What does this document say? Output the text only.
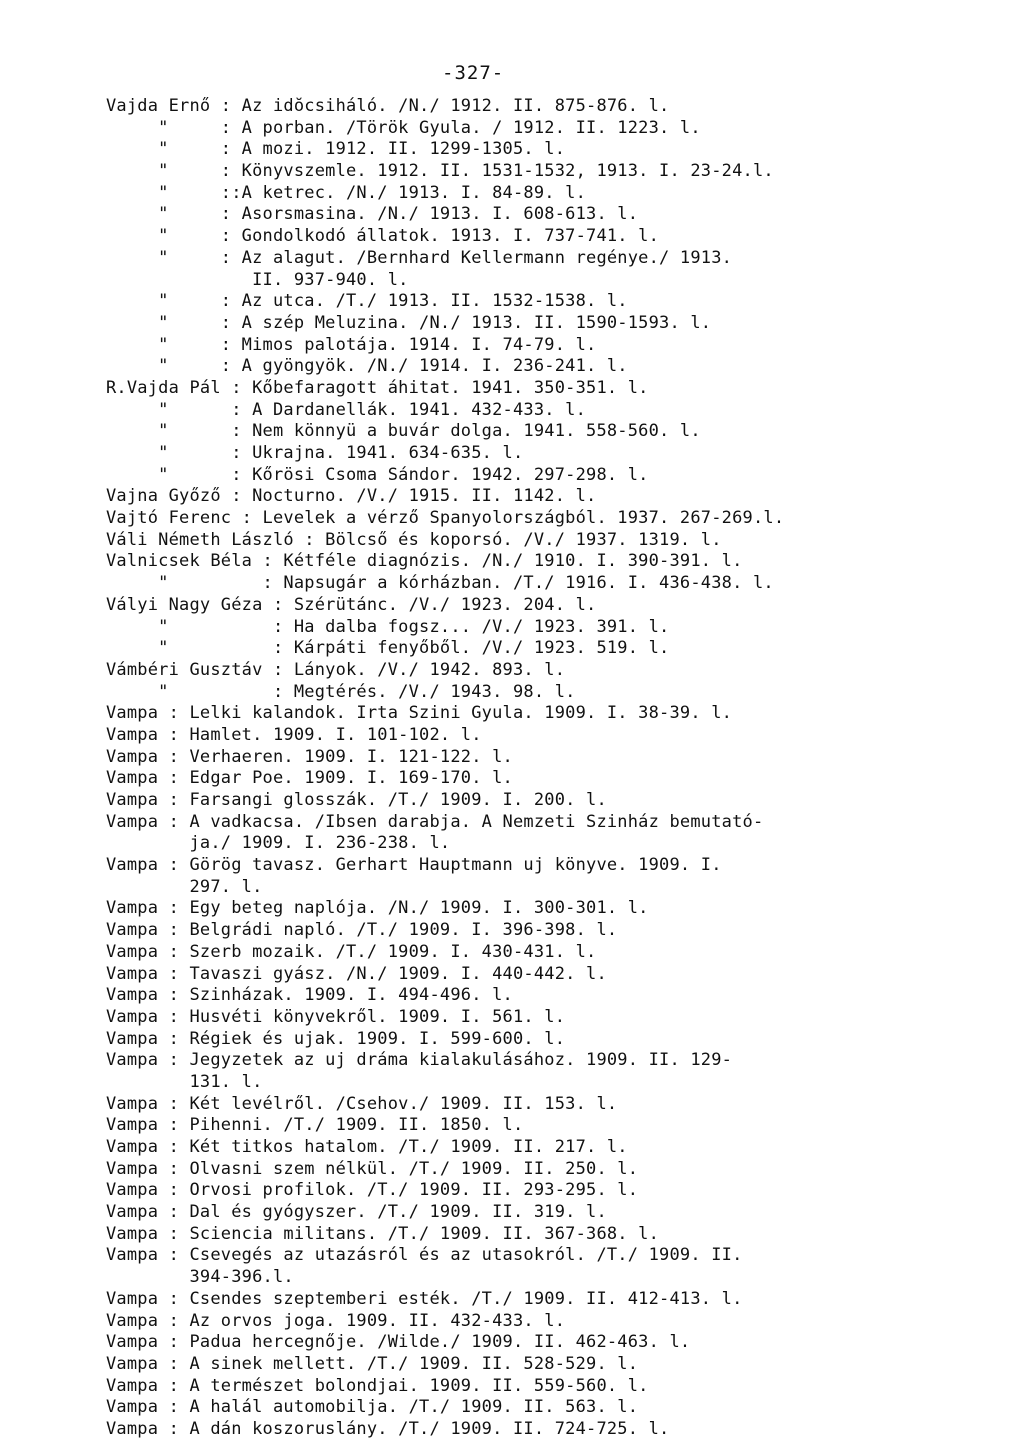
-327-
Vajda Ernő : Az idŏcsiháló. /N./ 1912. II. 875-876. l.
"     : A porban. /Török Gyula. / 1912. II. 1223. l.
"     : A mozi. 1912. II. 1299-1305. l.
"     : Könyvszemle. 1912. II. 1531-1532, 1913. I. 23-24.l.
"     ::A ketrec. /N./ 1913. I. 84-89. l.
"     : Asorsmasina. /N./ 1913. I. 608-613. l.
"     : Gondolkodó állatok. 1913. I. 737-741. l.
"     : Az alagut. /Bernhard Kellermann regénye./ 1913.
II. 937-940. l.
"     : Az utca. /T./ 1913. II. 1532-1538. l.
"     : A szép Meluzina. /N./ 1913. II. 1590-1593. l.
"     : Mimos palotája. 1914. I. 74-79. l.
"     : A gyöngyök. /N./ 1914. I. 236-241. l.
R.Vajda Pál : Kőbefaragott áhitat. 1941. 350-351. l.
"      : A Dardanellák. 1941. 432-433. l.
"      : Nem könnyü a buvár dolga. 1941. 558-560. l.
"      : Ukrajna. 1941. 634-635. l.
"      : Kőrösi Csoma Sándor. 1942. 297-298. l.
Vajna Győző : Nocturno. /V./ 1915. II. 1142. l.
Vajtó Ferenc : Levelek a vérző Spanyolországból. 1937. 267-269.l.
Váli Németh László : Bölcső és koporsó. /V./ 1937. 1319. l.
Valnicsek Béla : Kétféle diagnózis. /N./ 1910. I. 390-391. l.
"         : Napsugár a kórházban. /T./ 1916. I. 436-438. l.
Vályi Nagy Géza : Szérütánc. /V./ 1923. 204. l.
"          : Ha dalba fogsz... /V./ 1923. 391. l.
"          : Kárpáti fenyőből. /V./ 1923. 519. l.
Vámbéri Gusztáv : Lányok. /V./ 1942. 893. l.
"          : Megtérés. /V./ 1943. 98. l.
Vampa : Lelki kalandok. Irta Szini Gyula. 1909. I. 38-39. l.
Vampa : Hamlet. 1909. I. 101-102. l.
Vampa : Verhaeren. 1909. I. 121-122. l.
Vampa : Edgar Poe. 1909. I. 169-170. l.
Vampa : Farsangi glosszák. /T./ 1909. I. 200. l.
Vampa : A vadkacsa. /Ibsen darabja. A Nemzeti Szinház bemutató-
ja./ 1909. I. 236-238. l.
Vampa : Görög tavasz. Gerhart Hauptmann uj könyve. 1909. I.
297. l.
Vampa : Egy beteg naplója. /N./ 1909. I. 300-301. l.
Vampa : Belgrádi napló. /T./ 1909. I. 396-398. l.
Vampa : Szerb mozaik. /T./ 1909. I. 430-431. l.
Vampa : Tavaszi gyász. /N./ 1909. I. 440-442. l.
Vampa : Szinházak. 1909. I. 494-496. l.
Vampa : Husvéti könyvekről. 1909. I. 561. l.
Vampa : Régiek és ujak. 1909. I. 599-600. l.
Vampa : Jegyzetek az uj dráma kialakulásához. 1909. II. 129-
131. l.
Vampa : Két levélről. /Csehov./ 1909. II. 153. l.
Vampa : Pihenni. /T./ 1909. II. 1850. l.
Vampa : Két titkos hatalom. /T./ 1909. II. 217. l.
Vampa : Olvasni szem nélkül. /T./ 1909. II. 250. l.
Vampa : Orvosi profilok. /T./ 1909. II. 293-295. l.
Vampa : Dal és gyógyszer. /T./ 1909. II. 319. l.
Vampa : Sciencia militans. /T./ 1909. II. 367-368. l.
Vampa : Csevegés az utazásról és az utasokról. /T./ 1909. II.
394-396.l.
Vampa : Csendes szeptemberi esték. /T./ 1909. II. 412-413. l.
Vampa : Az orvos joga. 1909. II. 432-433. l.
Vampa : Padua hercegnője. /Wilde./ 1909. II. 462-463. l.
Vampa : A sinek mellett. /T./ 1909. II. 528-529. l.
Vampa : A természet bolondjai. 1909. II. 559-560. l.
Vampa : A halál automobilja. /T./ 1909. II. 563. l.
Vampa : A dán koszoruslány. /T./ 1909. II. 724-725. l.
